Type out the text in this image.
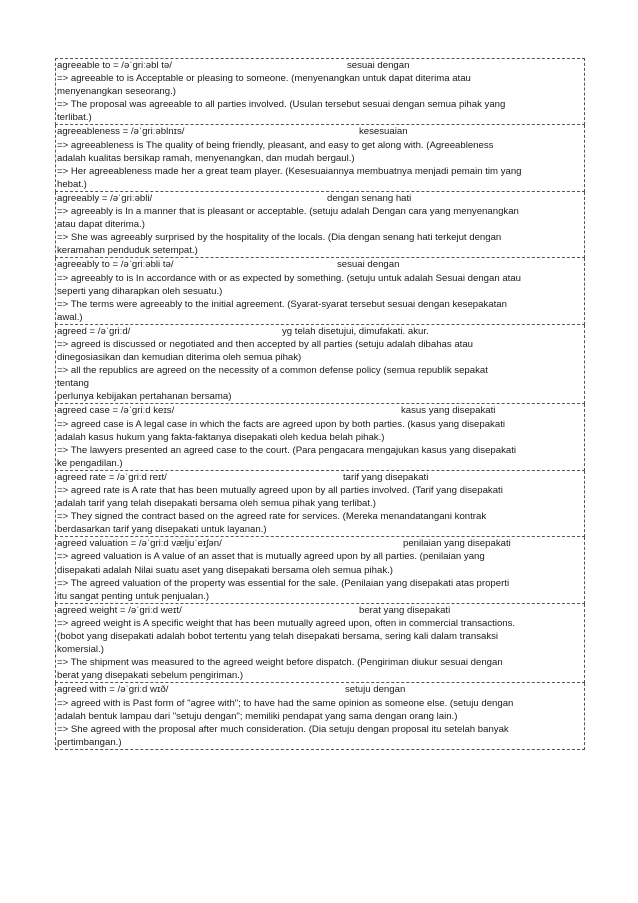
agreeable to = /əˈɡriːəbl tə/	sesuai dengan
=> agreeable to is Acceptable or pleasing to someone. (menyenangkan untuk dapat diterima atau
menyenangkan seseorang.)
=> The proposal was agreeable to all parties involved. (Usulan tersebut sesuai dengan semua pihak yang
terlibat.)
agreeableness = /əˈɡriːəblnɪs/	kesesuaian
=> agreeableness is The quality of being friendly, pleasant, and easy to get along with. (Agreeableness
adalah kualitas bersikap ramah, menyenangkan, dan mudah bergaul.)
=> Her agreeableness made her a great team player. (Kesesuaiannya membuatnya menjadi pemain tim yang
hebat.)
agreeably = /əˈɡriːəbli/	dengan senang hati
=> agreeably is In a manner that is pleasant or acceptable. (setuju adalah Dengan cara yang menyenangkan
atau dapat diterima.)
=> She was agreeably surprised by the hospitality of the locals. (Dia dengan senang hati terkejut dengan
keramahan penduduk setempat.)
agreeably to = /əˈɡriːəbli tə/	sesuai dengan
=> agreeably to is In accordance with or as expected by something. (setuju untuk adalah Sesuai dengan atau
seperti yang diharapkan oleh sesuatu.)
=> The terms were agreeably to the initial agreement. (Syarat-syarat tersebut sesuai dengan kesepakatan
awal.)
agreed = /əˈɡriːd/	yg telah disetujui, dimufakati. akur.
=> agreed is discussed or negotiated and then accepted by all parties (setuju adalah dibahas atau
dinegosiasikan dan kemudian diterima oleh semua pihak)
=> all the republics are agreed on the necessity of a common defense policy (semua republik sepakat
tentang
perlunya kebijakan pertahanan bersama)
agreed case = /əˈɡriːd keɪs/	kasus yang disepakati
=> agreed case is A legal case in which the facts are agreed upon by both parties. (kasus yang disepakati
adalah kasus hukum yang fakta-faktanya disepakati oleh kedua belah pihak.)
=> The lawyers presented an agreed case to the court. (Para pengacara mengajukan kasus yang disepakati
ke pengadilan.)
agreed rate = /əˈɡriːd reɪt/	tarif yang disepakati
=> agreed rate is A rate that has been mutually agreed upon by all parties involved. (Tarif yang disepakati
adalah tarif yang telah disepakati bersama oleh semua pihak yang terlibat.)
=> They signed the contract based on the agreed rate for services. (Mereka menandatangani kontrak
berdasarkan tarif yang disepakati untuk layanan.)
agreed valuation = /əˈɡriːd væljuˈeɪʃən/	penilaian yang disepakati
=> agreed valuation is A value of an asset that is mutually agreed upon by all parties. (penilaian yang
disepakati adalah Nilai suatu aset yang disepakati bersama oleh semua pihak.)
=> The agreed valuation of the property was essential for the sale. (Penilaian yang disepakati atas properti
itu sangat penting untuk penjualan.)
agreed weight = /əˈɡriːd weɪt/	berat yang disepakati
=> agreed weight is A specific weight that has been mutually agreed upon, often in commercial transactions.
(bobot yang disepakati adalah bobot tertentu yang telah disepakati bersama, sering kali dalam transaksi
komersial.)
=> The shipment was measured to the agreed weight before dispatch. (Pengiriman diukur sesuai dengan
berat yang disepakati sebelum pengiriman.)
agreed with = /əˈɡriːd wɪð/	setuju dengan
=> agreed with is Past form of "agree with"; to have had the same opinion as someone else. (setuju dengan
adalah bentuk lampau dari "setuju dengan"; memiliki pendapat yang sama dengan orang lain.)
=> She agreed with the proposal after much consideration. (Dia setuju dengan proposal itu setelah banyak
pertimbangan.)
